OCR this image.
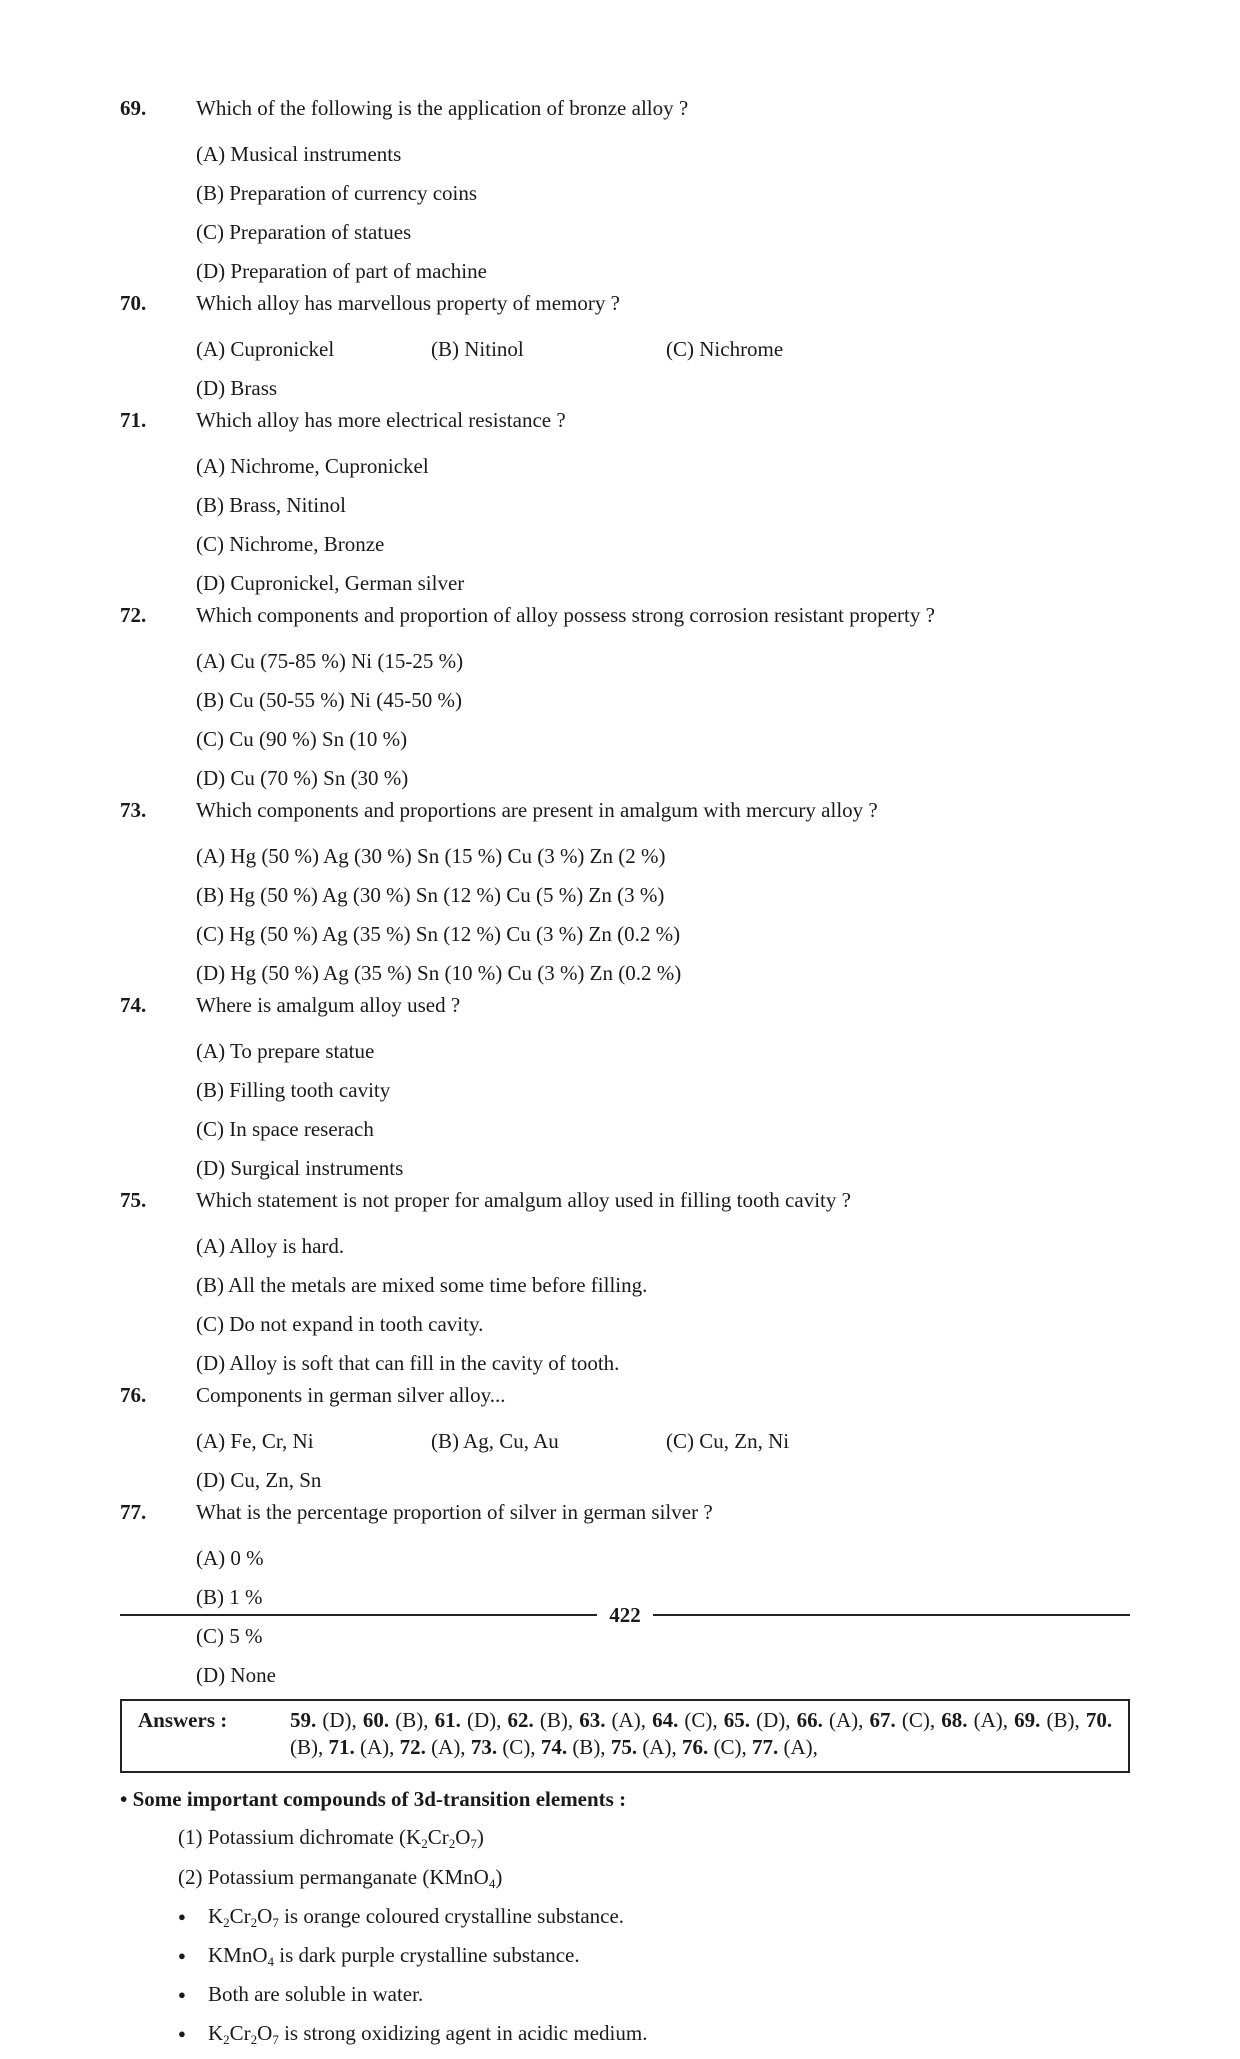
69.	Which of the following is the application of bronze alloy ?
(A) Musical instruments
(B) Preparation of currency coins
(C) Preparation of statues
(D) Preparation of part of machine
70.	Which alloy has marvellous property of memory ?
(A) Cupronickel	(B) Nitinol	(C) Nichrome
(D) Brass
71.	Which alloy has more electrical resistance ?
(A) Nichrome, Cupronickel
(B) Brass, Nitinol
(C) Nichrome, Bronze
(D) Cupronickel, German silver
72.	Which components and proportion of alloy possess strong corrosion resistant property ?
(A) Cu (75-85 %) Ni (15-25 %)
(B) Cu (50-55 %) Ni (45-50 %)
(C) Cu (90 %) Sn (10 %)
(D) Cu (70 %) Sn (30 %)
73.	Which components and proportions are present in amalgum with mercury alloy ?
(A) Hg (50 %) Ag (30 %) Sn (15 %) Cu (3 %) Zn (2 %)
(B) Hg (50 %) Ag (30 %) Sn (12 %) Cu (5 %) Zn (3 %)
(C) Hg (50 %) Ag (35 %) Sn (12 %) Cu (3 %) Zn (0.2 %)
(D) Hg (50 %) Ag (35 %) Sn (10 %) Cu (3 %) Zn (0.2 %)
74.	Where is amalgum alloy used ?
(A) To prepare statue
(B) Filling tooth cavity
(C) In space reserach
(D) Surgical instruments
75.	Which statement is not proper for amalgum alloy used in filling tooth cavity ?
(A) Alloy is hard.
(B) All the metals are mixed some time before filling.
(C) Do not expand in tooth cavity.
(D) Alloy is soft that can fill in the cavity of tooth.
76.	Components in german silver alloy...
(A) Fe, Cr, Ni	(B) Ag, Cu, Au	(C) Cu, Zn, Ni
(D) Cu, Zn, Sn
77.	What is the percentage proportion of silver in german silver ?
(A) 0 %
(B) 1 %
(C) 5 %
(D) None
Answers :	59. (D), 60. (B), 61. (D), 62. (B), 63. (A), 64. (C), 65. (D), 66. (A), 67. (C), 68. (A), 69. (B), 70. (B), 71. (A), 72. (A), 73. (C), 74. (B), 75. (A), 76. (C), 77. (A),
• Some important compounds of 3d-transition elements :
(1) Potassium dichromate $(K_2Cr_2O_7)$
(2) Potassium permanganate (KMnO$_4$)
●	$K_2Cr_2O_7$ is orange coloured crystalline substance.
●	KMnO$_4$ is dark purple crystalline substance.
●	Both are soluble in water.
●	$K_2Cr_2O_7$ is strong oxidizing agent in acidic medium.
422
